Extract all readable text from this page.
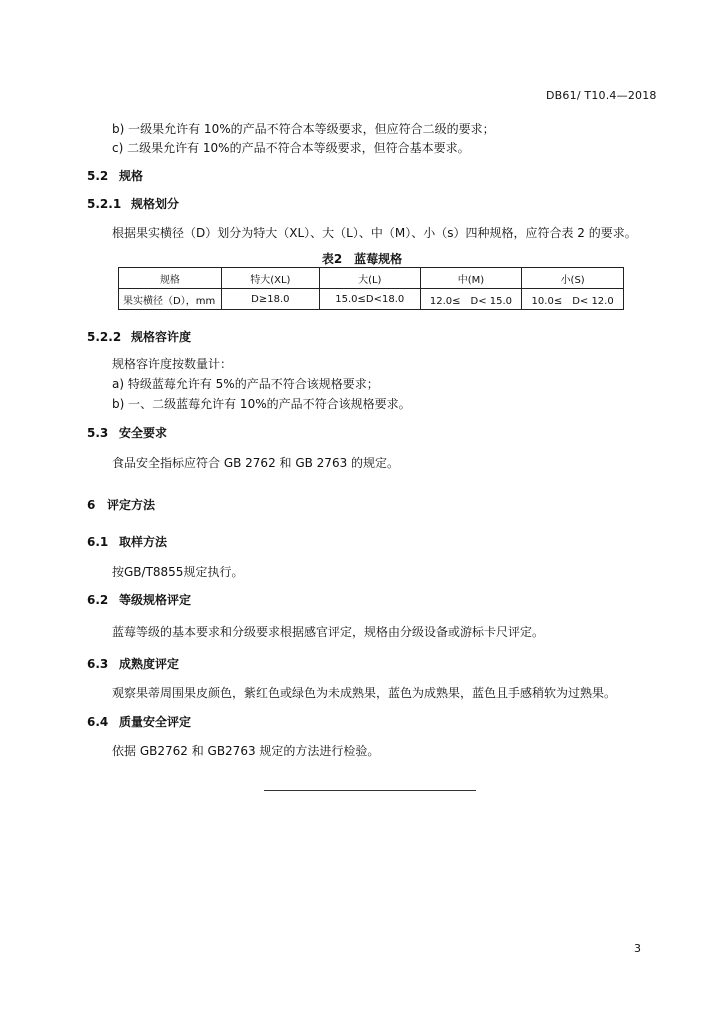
DB61/ T10.4—2018
b) 一级果允许有 10%的产品不符合本等级要求，但应符合二级的要求；
c) 二级果允许有 10%的产品不符合本等级要求，但符合基本要求。
5.2 规格
5.2.1 规格划分
根据果实横径（D）划分为特大（XL）、大（L）、中（M）、小（s）四种规格，应符合表 2 的要求。
表2　蓝莓规格
规格	特大(XL)	大(L)	中(M)	小(S)
果实横径（D），mm	D≥18.0	15.0≤D<18.0	12.0≤　D< 15.0	10.0≤　D< 12.0
5.2.2 规格容许度
规格容许度按数量计：
a) 特级蓝莓允许有 5%的产品不符合该规格要求；
b) 一、二级蓝莓允许有 10%的产品不符合该规格要求。
5.3 安全要求
食品安全指标应符合 GB 2762 和 GB 2763 的规定。
6 评定方法
6.1 取样方法
按GB/T8855规定执行。
6.2 等级规格评定
蓝莓等级的基本要求和分级要求根据感官评定，规格由分级设备或游标卡尺评定。
6.3 成熟度评定
观察果蒂周围果皮颜色，紫红色或绿色为未成熟果，蓝色为成熟果，蓝色且手感稍软为过熟果。
6.4 质量安全评定
依据 GB2762 和 GB2763 规定的方法进行检验。
3
